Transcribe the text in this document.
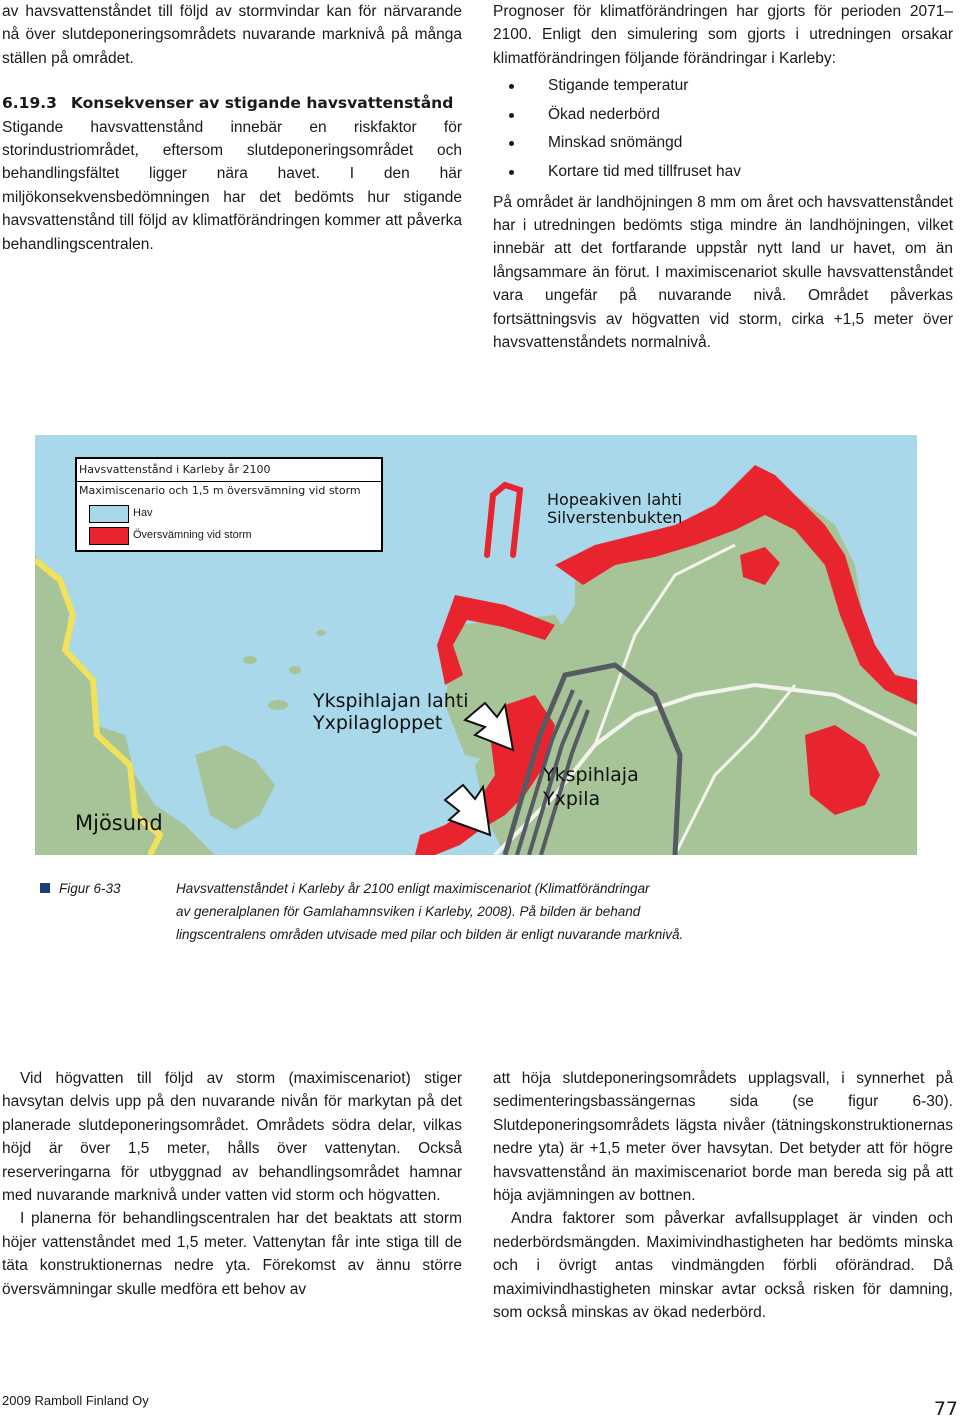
av havsvattenståndet till följd av stormvindar kan för närvarande nå över slutdeponeringsområdets nuvarande marknivå på många ställen på området.

6.19.3 Konsekvenser av stigande havsvattenstånd

Stigande havsvattenstånd innebär en riskfaktor för storindustriområdet, eftersom slutdeponeringsområdet och behandlingsfältet ligger nära havet. I den här miljökonsekvensbedömningen har det bedömts hur stigande havsvattenstånd till följd av klimatförändringen kommer att påverka behandlingscentralen.

Prognoser för klimatförändringen har gjorts för perioden 2071–2100. Enligt den simulering som gjorts i utredningen orsakar klimatförändringen följande förändringar i Karleby:

Stigande temperatur
Ökad nederbörd
Minskad snömängd
Kortare tid med tillfruset hav

På området är landhöjningen 8 mm om året och havsvattenståndet har i utredningen bedömts stiga mindre än landhöjningen, vilket innebär att det fortfarande uppstår nytt land ur havet, om än långsammare än förut. I maximiscenariot skulle havsvattenståndet vara ungefär på nuvarande nivå. Området påverkas fortsättningsvis av högvatten vid storm, cirka +1,5 meter över havsvattenståndets normalnivå.

Hopeakiven lahti
Silverstenbukten
Ykspihlajan lahti
Yxpilagloppet
Ykspihlaja
Yxpila
Mjösund
Havsvattenstånd i Karleby år 2100
Maximiscenario och 1,5 m översvämning vid storm
Hav
Översvämning vid storm
Figur 6-33	Havsvattenståndet i Karleby år 2100 enligt maximiscenariot (Klimatförändringar
av generalplanen för Gamlahamnsviken i Karleby, 2008). På bilden är behand
lingscentralens områden utvisade med pilar och bilden är enligt nuvarande marknivå.

Vid högvatten till följd av storm (maximiscenariot) stiger havsytan delvis upp på den nuvarande nivån för markytan på det planerade slutdeponeringsområdet. Områdets södra delar, vilkas höjd är över 1,5 meter, hålls över vattenytan. Också reserveringarna för utbyggnad av behandlingsområdet hamnar med nuvarande marknivå under vatten vid storm och högvatten.

I planerna för behandlingscentralen har det beaktats att storm höjer vattenståndet med 1,5 meter. Vattenytan får inte stiga till de täta konstruktionernas nedre yta. Förekomst av ännu större översvämningar skulle medföra ett behov av

att höja slutdeponeringsområdets upplagsvall, i synnerhet på sedimenteringsbassängernas sida (se figur 6-30). Slutdeponeringsområdets lägsta nivåer (tätningskonstruktionernas nedre yta) är +1,5 meter över havsytan. Det betyder att för högre havsvattenstånd än maximiscenariot borde man bereda sig på att höja avjämningen av bottnen.

Andra faktorer som påverkar avfallsupplaget är vinden och nederbördsmängden. Maximivindhastigheten har bedömts minska och i övrigt antas vindmängden förbli oförändrad. Då maximivindhastigheten minskar avtar också risken för damning, som också minskas av ökad nederbörd.

2009 Ramboll Finland Oy	77
